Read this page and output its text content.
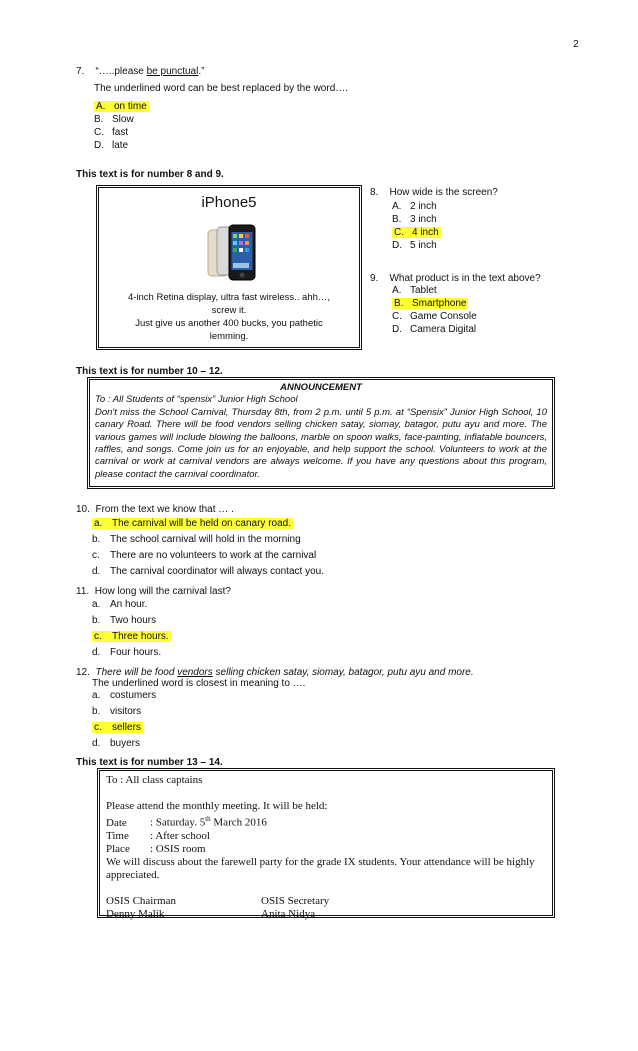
2
7. “…..please be punctual.”
The underlined word can be best replaced by the word….
A. on time
B. Slow
C. fast
D. late
This text is for number 8 and 9.
iPhone5
4-inch Retina display, ultra fast wireless.. ahh…,
screw it.
Just give us another 400 bucks, you pathetic
lemming.
8. How wide is the screen?
A. 2 inch
B. 3 inch
C. 4 inch
D. 5 inch
9. What product is in the text above?
A. Tablet
B. Smartphone
C. Game Console
D. Camera Digital
This text is for number 10 – 12.
ANNOUNCEMENT
To : All Students of “spensix” Junior High School
Don't miss the School Carnival, Thursday 8th, from 2 p.m. until 5 p.m. at “Spensix” Junior High School, 10 canary Road. There will be food vendors selling chicken satay, siomay, batagor, putu ayu and more. The various games will include blowing the balloons, marble on spoon walks, face-painting, inflatable bouncers, raffles, and songs. Come join us for an enjoyable, and help support the school. Volunteers to work at the carnival or work at carnival vendors are always welcome. If you have any questions about this program, please contact the carnival coordinator.
10. From the text we know that … .
a. The carnival will be held on canary road.
b. The school carnival will hold in the morning
c. There are no volunteers to work at the carnival
d. The carnival coordinator will always contact you.
11. How long will the carnival last?
a. An hour.
b. Two hours
c. Three hours.
d. Four hours.
12. There will be food vendors selling chicken satay, siomay, batagor, putu ayu and more.
The underlined word is closest in meaning to ….
a. costumers
b. visitors
c. sellers
d. buyers
This text is for number 13 – 14.
To : All class captains
Please attend the monthly meeting. It will be held:
Date : Saturday. 5th March 2016
Time : After school
Place : OSIS room
We will discuss about the farewell party for the grade IX students. Your attendance will be highly appreciated.
OSIS Chairman	OSIS Secretary
Denny Malik	Anita Nidya
